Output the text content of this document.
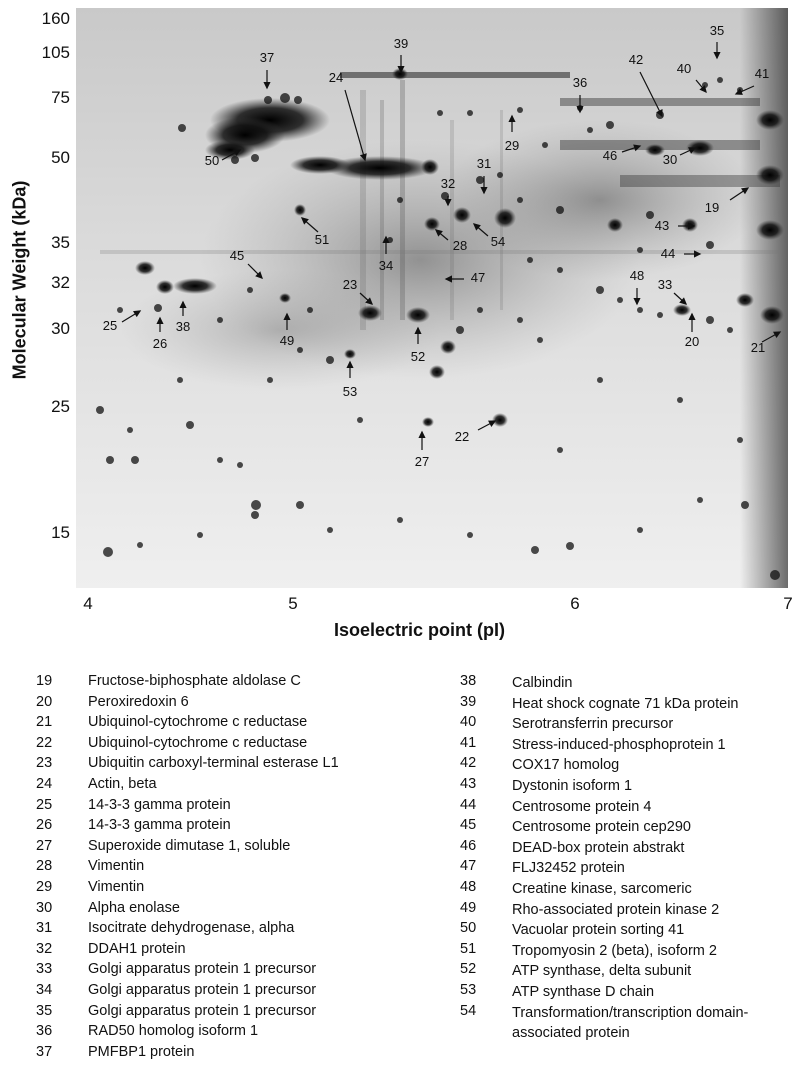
19
20	21
22
23
24
25
26
27
28
29
30
31
32
33
34
35
36
37
38
39
40	41
42
43
44
45
46
47	48
49
50
51
52
53
54
160
105
75
50
35
32
30
25
15
4	5	6	7
Molecular Weight (kDa)
Isoelectric point (pI)
19	Fructose-biphosphate aldolase C
20	Peroxiredoxin 6
21	Ubiquinol-cytochrome c reductase
22	Ubiquinol-cytochrome c reductase
23	Ubiquitin carboxyl-terminal esterase L1
24	Actin, beta
25	14-3-3 gamma protein
26	14-3-3 gamma protein
27	Superoxide dimutase 1, soluble
28	Vimentin
29	Vimentin
30	Alpha enolase
31	Isocitrate dehydrogenase, alpha
32	DDAH1 protein
33	Golgi apparatus protein 1 precursor
34	Golgi apparatus protein 1 precursor
35	Golgi apparatus protein 1 precursor
36	RAD50 homolog isoform 1
37	PMFBP1 protein
38	Calbindin
39	Heat shock cognate 71 kDa protein
40	Serotransferrin precursor
41	Stress-induced-phosphoprotein 1
42	COX17 homolog
43	Dystonin isoform 1
44	Centrosome protein 4
45	Centrosome protein cep290
46	DEAD-box protein abstrakt
47	FLJ32452 protein
48	Creatine kinase, sarcomeric
49	Rho-associated protein kinase 2
50	Vacuolar protein sorting 41
51	Tropomyosin 2 (beta), isoform 2
52	ATP synthase, delta subunit
53	ATP synthase D chain
54	Transformation/transcription domain-associated protein
